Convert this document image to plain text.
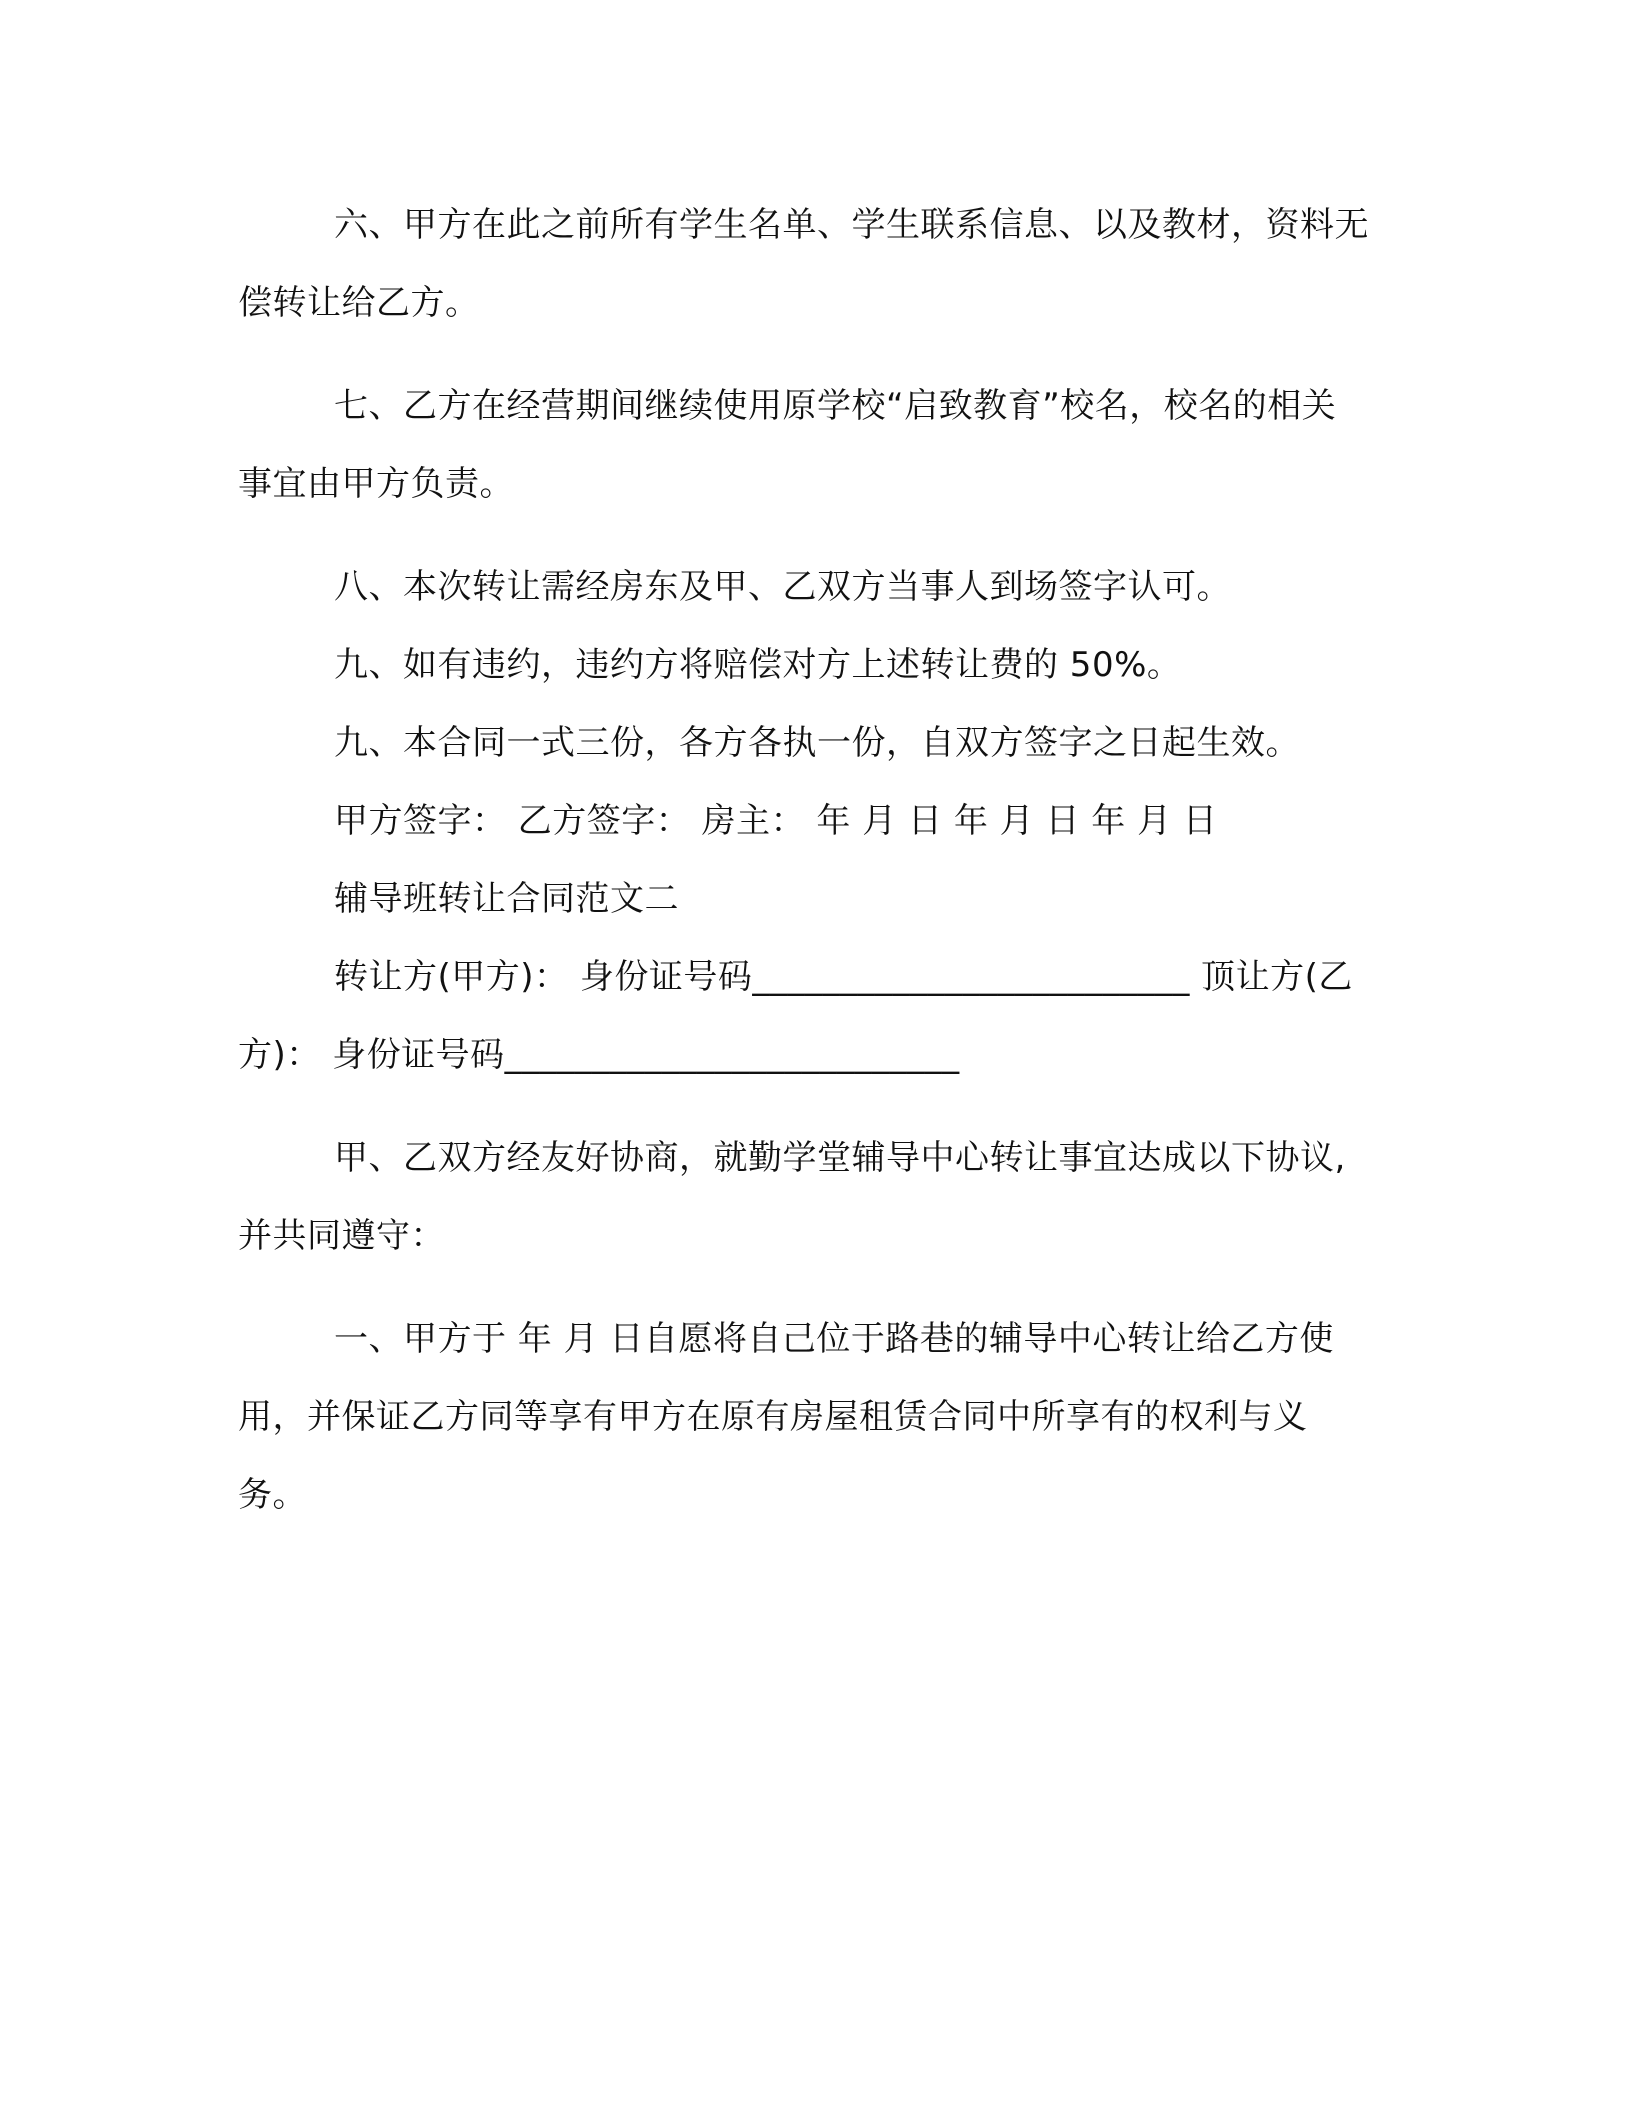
六、甲方在此之前所有学生名单、学生联系信息、以及教材，资料无偿转让给乙方。

七、乙方在经营期间继续使用原学校“启致教育”校名，校名的相关事宜由甲方负责。

八、本次转让需经房东及甲、乙双方当事人到场签字认可。

九、如有违约，违约方将赔偿对方上述转让费的 50%。

九、本合同一式三份，各方各执一份，自双方签字之日起生效。

甲方签字： 乙方签字： 房主： 年 月 日 年 月 日 年 月 日

辅导班转让合同范文二

转让方(甲方)： 身份证号码_________________________ 顶让方(乙方)： 身份证号码__________________________

甲、乙双方经友好协商，就勤学堂辅导中心转让事宜达成以下协议,并共同遵守：

一、甲方于 年 月 日自愿将自己位于路巷的辅导中心转让给乙方使用，并保证乙方同等享有甲方在原有房屋租赁合同中所享有的权利与义务。
